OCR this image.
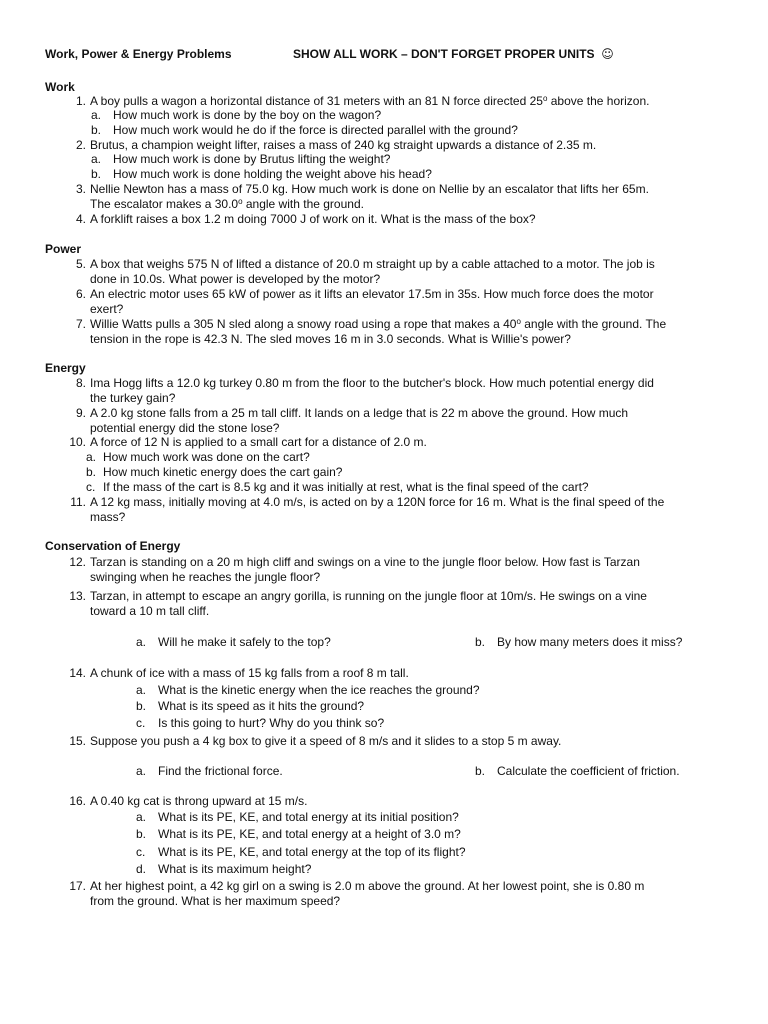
Work, Power & Energy Problems	SHOW ALL WORK – DON'T FORGET PROPER UNITS ☺
Work
1. A boy pulls a wagon a horizontal distance of 31 meters with an 81 N force directed 25$^o$ above the horizon.
a. How much work is done by the boy on the wagon?
b. How much work would he do if the force is directed parallel with the ground?
2. Brutus, a champion weight lifter, raises a mass of 240 kg straight upwards a distance of 2.35 m.
a. How much work is done by Brutus lifting the weight?
b. How much work is done holding the weight above his head?
3. Nellie Newton has a mass of 75.0 kg. How much work is done on Nellie by an escalator that lifts her 65m.
The escalator makes a 30.0$^o$ angle with the ground.
4. A forklift raises a box 1.2 m doing 7000 J of work on it. What is the mass of the box?
Power
5. A box that weighs 575 N of lifted a distance of 20.0 m straight up by a cable attached to a motor. The job is
done in 10.0s. What power is developed by the motor?
6. An electric motor uses 65 kW of power as it lifts an elevator 17.5m in 35s. How much force does the motor
exert?
7. Willie Watts pulls a 305 N sled along a snowy road using a rope that makes a 40$^o$ angle with the ground. The
tension in the rope is 42.3 N. The sled moves 16 m in 3.0 seconds. What is Willie's power?
Energy
8. Ima Hogg lifts a 12.0 kg turkey 0.80 m from the floor to the butcher's block. How much potential energy did
the turkey gain?
9. A 2.0 kg stone falls from a 25 m tall cliff. It lands on a ledge that is 22 m above the ground. How much
potential energy did the stone lose?
10. A force of 12 N is applied to a small cart for a distance of 2.0 m.
a. How much work was done on the cart?
b. How much kinetic energy does the cart gain?
c. If the mass of the cart is 8.5 kg and it was initially at rest, what is the final speed of the cart?
11. A 12 kg mass, initially moving at 4.0 m/s, is acted on by a 120N force for 16 m. What is the final speed of the
mass?
Conservation of Energy
12. Tarzan is standing on a 20 m high cliff and swings on a vine to the jungle floor below. How fast is Tarzan
swinging when he reaches the jungle floor?
13. Tarzan, in attempt to escape an angry gorilla, is running on the jungle floor at 10m/s. He swings on a vine
toward a 10 m tall cliff.
a. Will he make it safely to the top?	b. By how many meters does it miss?
14. A chunk of ice with a mass of 15 kg falls from a roof 8 m tall.
a. What is the kinetic energy when the ice reaches the ground?
b. What is its speed as it hits the ground?
c. Is this going to hurt? Why do you think so?
15. Suppose you push a 4 kg box to give it a speed of 8 m/s and it slides to a stop 5 m away.
a. Find the frictional force.	b. Calculate the coefficient of friction.
16. A 0.40 kg cat is throng upward at 15 m/s.
a. What is its PE, KE, and total energy at its initial position?
b. What is its PE, KE, and total energy at a height of 3.0 m?
c. What is its PE, KE, and total energy at the top of its flight?
d. What is its maximum height?
17. At her highest point, a 42 kg girl on a swing is 2.0 m above the ground. At her lowest point, she is 0.80 m
from the ground. What is her maximum speed?
